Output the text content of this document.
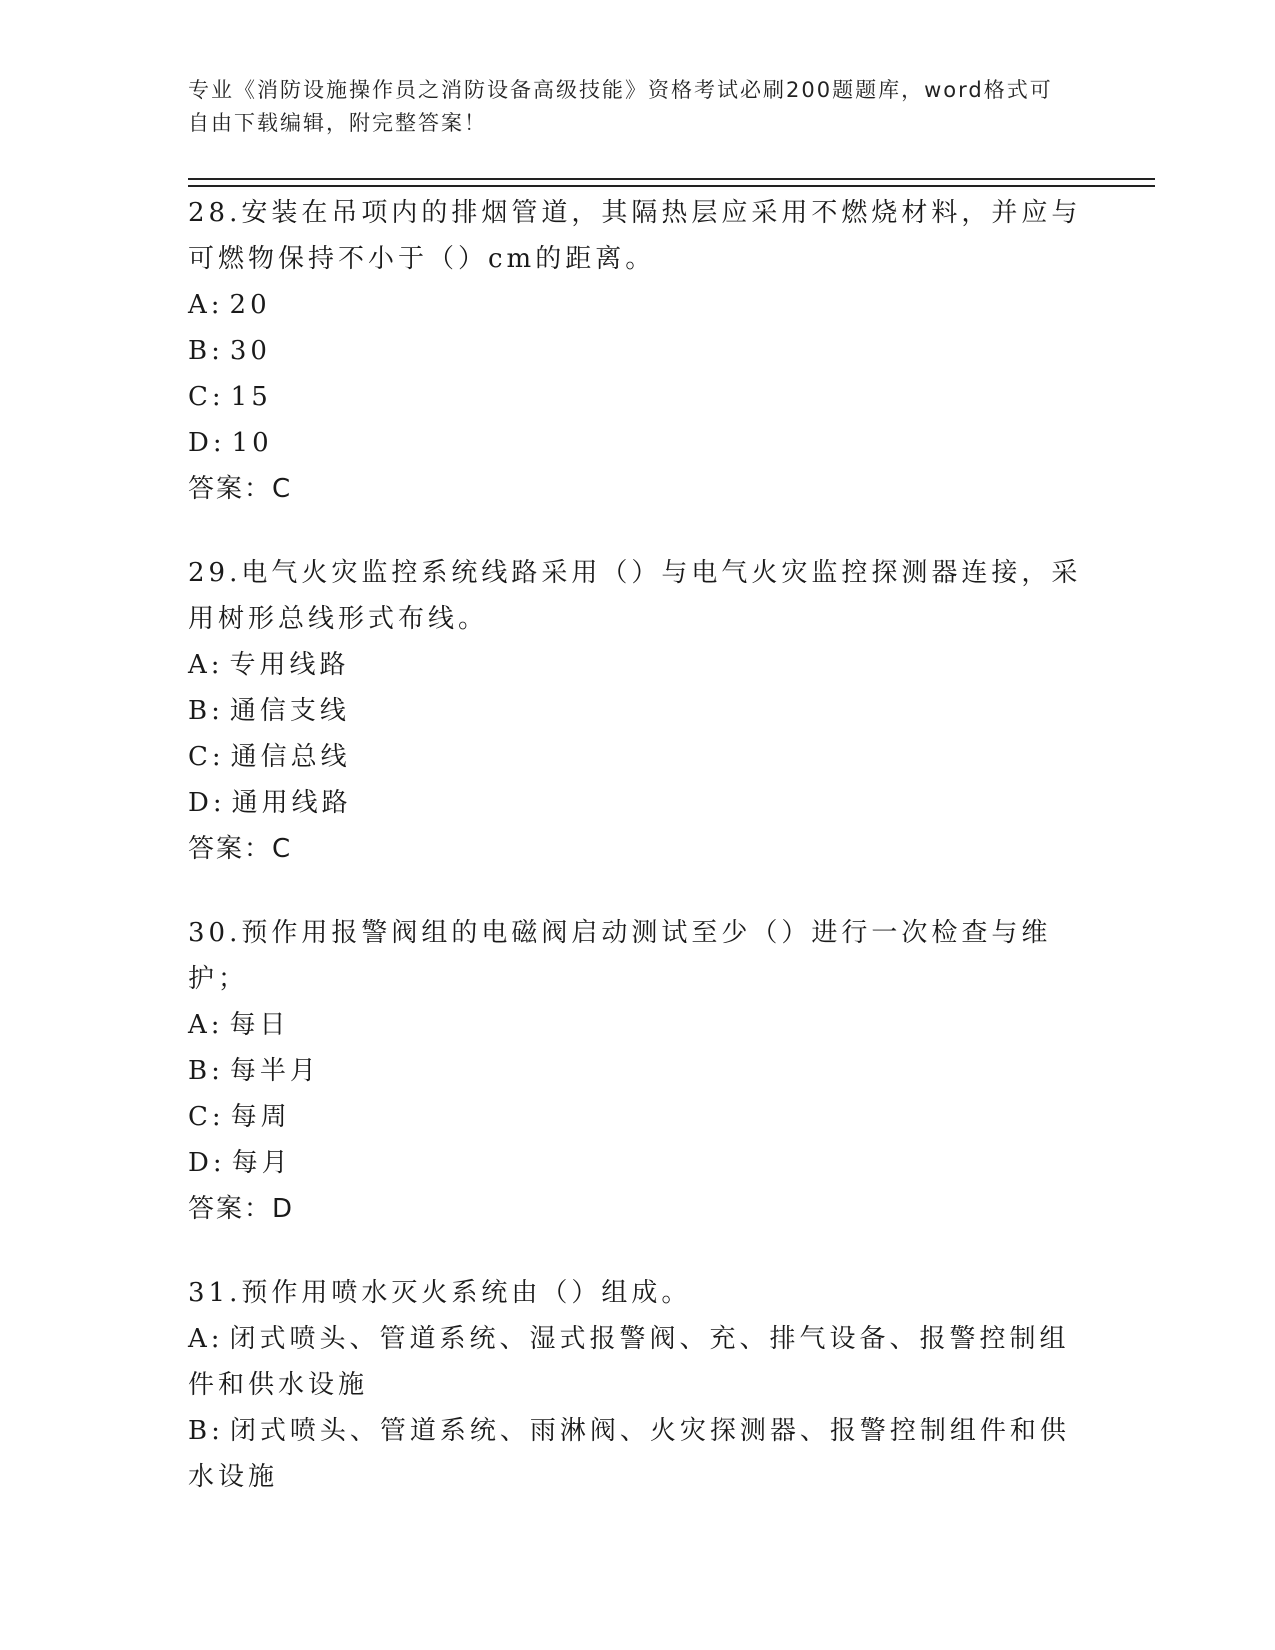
专业《消防设施操作员之消防设备高级技能》资格考试必刷200题题库，word格式可自由下载编辑，附完整答案！

28.安装在吊项内的排烟管道，其隔热层应采用不燃烧材料，并应与可燃物保持不小于（）cm的距离。

A: 20

B: 30

C: 15

D: 10

答案：C

29.电气火灾监控系统线路采用（）与电气火灾监控探测器连接，采用树形总线形式布线。

A: 专用线路

B: 通信支线

C: 通信总线

D: 通用线路

答案：C

30.预作用报警阀组的电磁阀启动测试至少（）进行一次检查与维护；

A: 每日

B: 每半月

C: 每周

D: 每月

答案：D

31.预作用喷水灭火系统由（）组成。

A: 闭式喷头、管道系统、湿式报警阀、充、排气设备、报警控制组件和供水设施

B: 闭式喷头、管道系统、雨淋阀、火灾探测器、报警控制组件和供水设施
